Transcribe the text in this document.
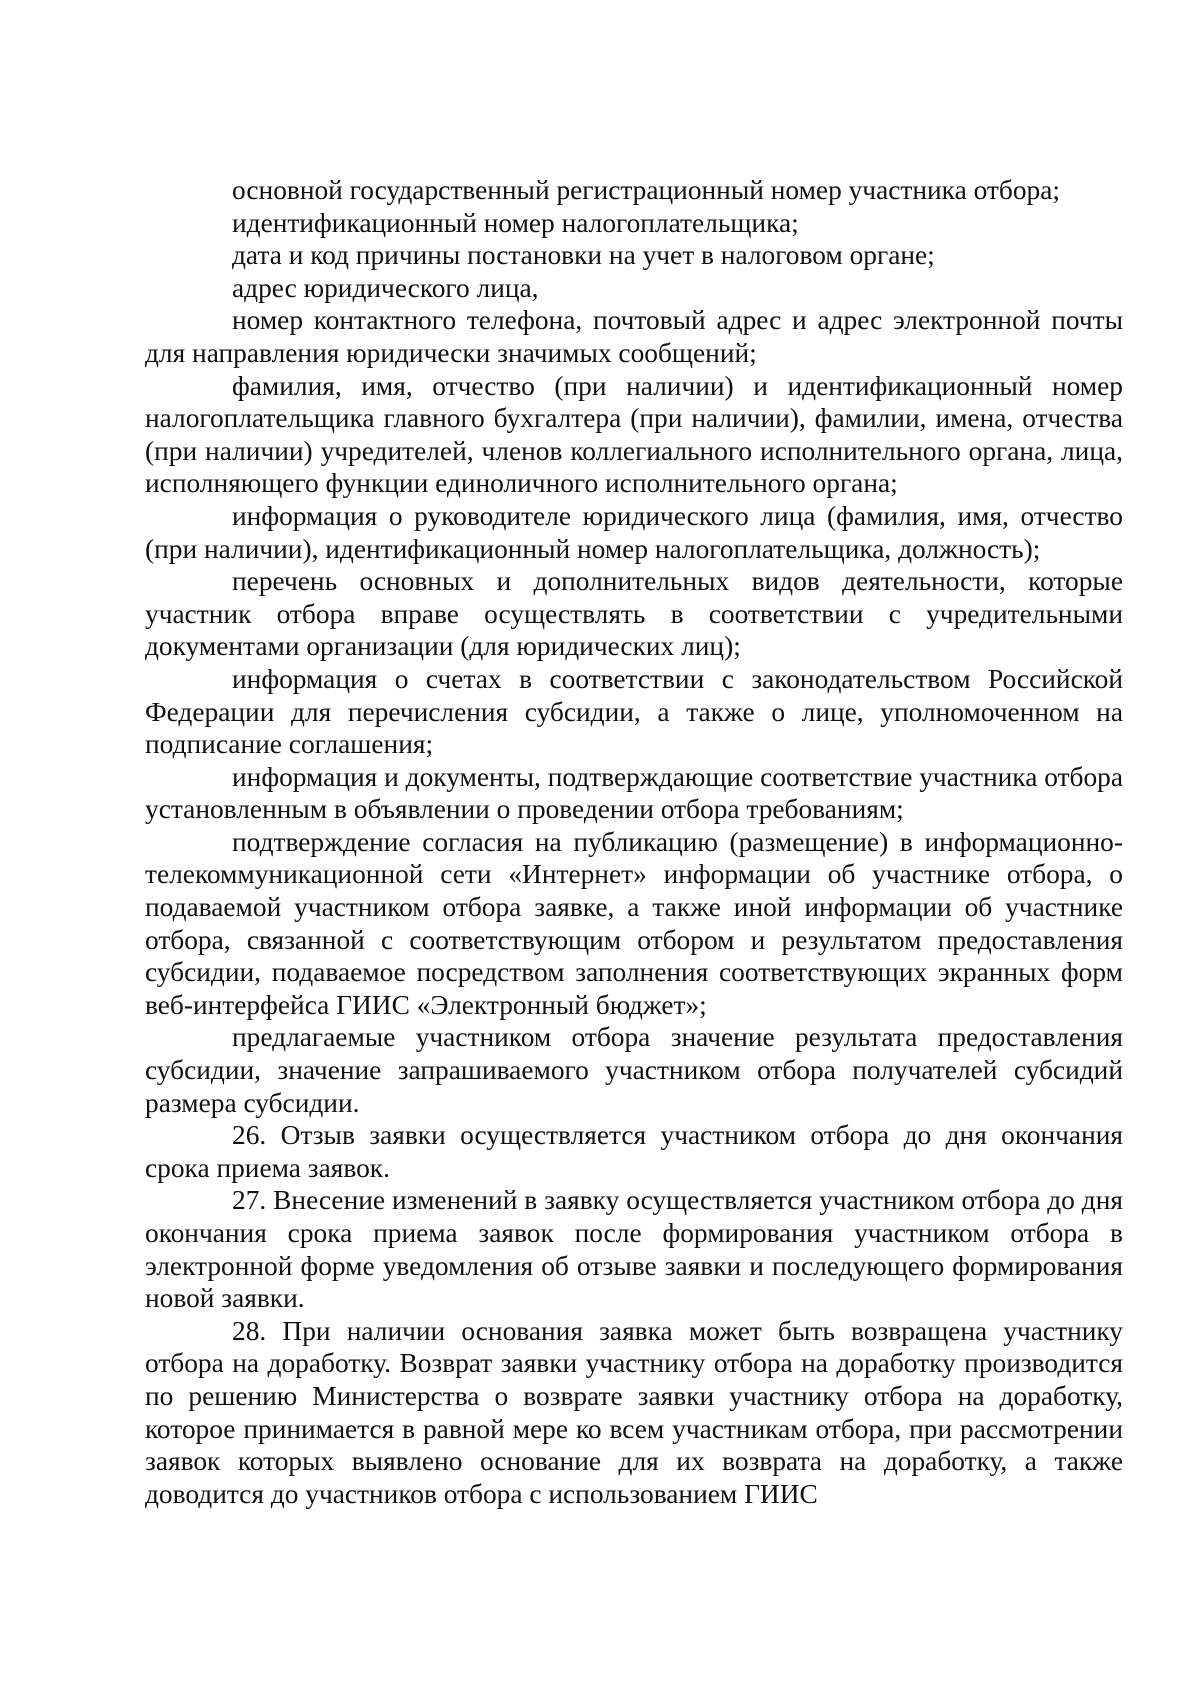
основной государственный регистрационный номер участника отбора;

идентификационный номер налогоплательщика;

дата и код причины постановки на учет в налоговом органе;

адрес юридического лица,

номер контактного телефона, почтовый адрес и адрес электронной почты для направления юридически значимых сообщений;

фамилия, имя, отчество (при наличии) и идентификационный номер налогоплательщика главного бухгалтера (при наличии), фамилии, имена, отчества (при наличии) учредителей, членов коллегиального исполнительного органа, лица, исполняющего функции единоличного исполнительного органа;

информация о руководителе юридического лица (фамилия, имя, отчество (при наличии), идентификационный номер налогоплательщика, должность);

перечень основных и дополнительных видов деятельности, которые участник отбора вправе осуществлять в соответствии с учредительными документами организации (для юридических лиц);

информация о счетах в соответствии с законодательством Российской Федерации для перечисления субсидии, а также о лице, уполномоченном на подписание соглашения;

информация и документы, подтверждающие соответствие участника отбора установленным в объявлении о проведении отбора требованиям;

подтверждение согласия на публикацию (размещение) в информационно-телекоммуникационной сети «Интернет» информации об участнике отбора, о подаваемой участником отбора заявке, а также иной информации об участнике отбора, связанной с соответствующим отбором и результатом предоставления субсидии, подаваемое посредством заполнения соответствующих экранных форм веб-интерфейса ГИИС «Электронный бюджет»;

предлагаемые участником отбора значение результата предоставления субсидии, значение запрашиваемого участником отбора получателей субсидий размера субсидии.

26. Отзыв заявки осуществляется участником отбора до дня окончания срока приема заявок.

27. Внесение изменений в заявку осуществляется участником отбора до дня окончания срока приема заявок после формирования участником отбора в электронной форме уведомления об отзыве заявки и последующего формирования новой заявки.

28. При наличии основания заявка может быть возвращена участнику отбора на доработку. Возврат заявки участнику отбора на доработку производится по решению Министерства о возврате заявки участнику отбора на доработку, которое принимается в равной мере ко всем участникам отбора, при рассмотрении заявок которых выявлено основание для их возврата на доработку, а также доводится до участников отбора с использованием ГИИС
